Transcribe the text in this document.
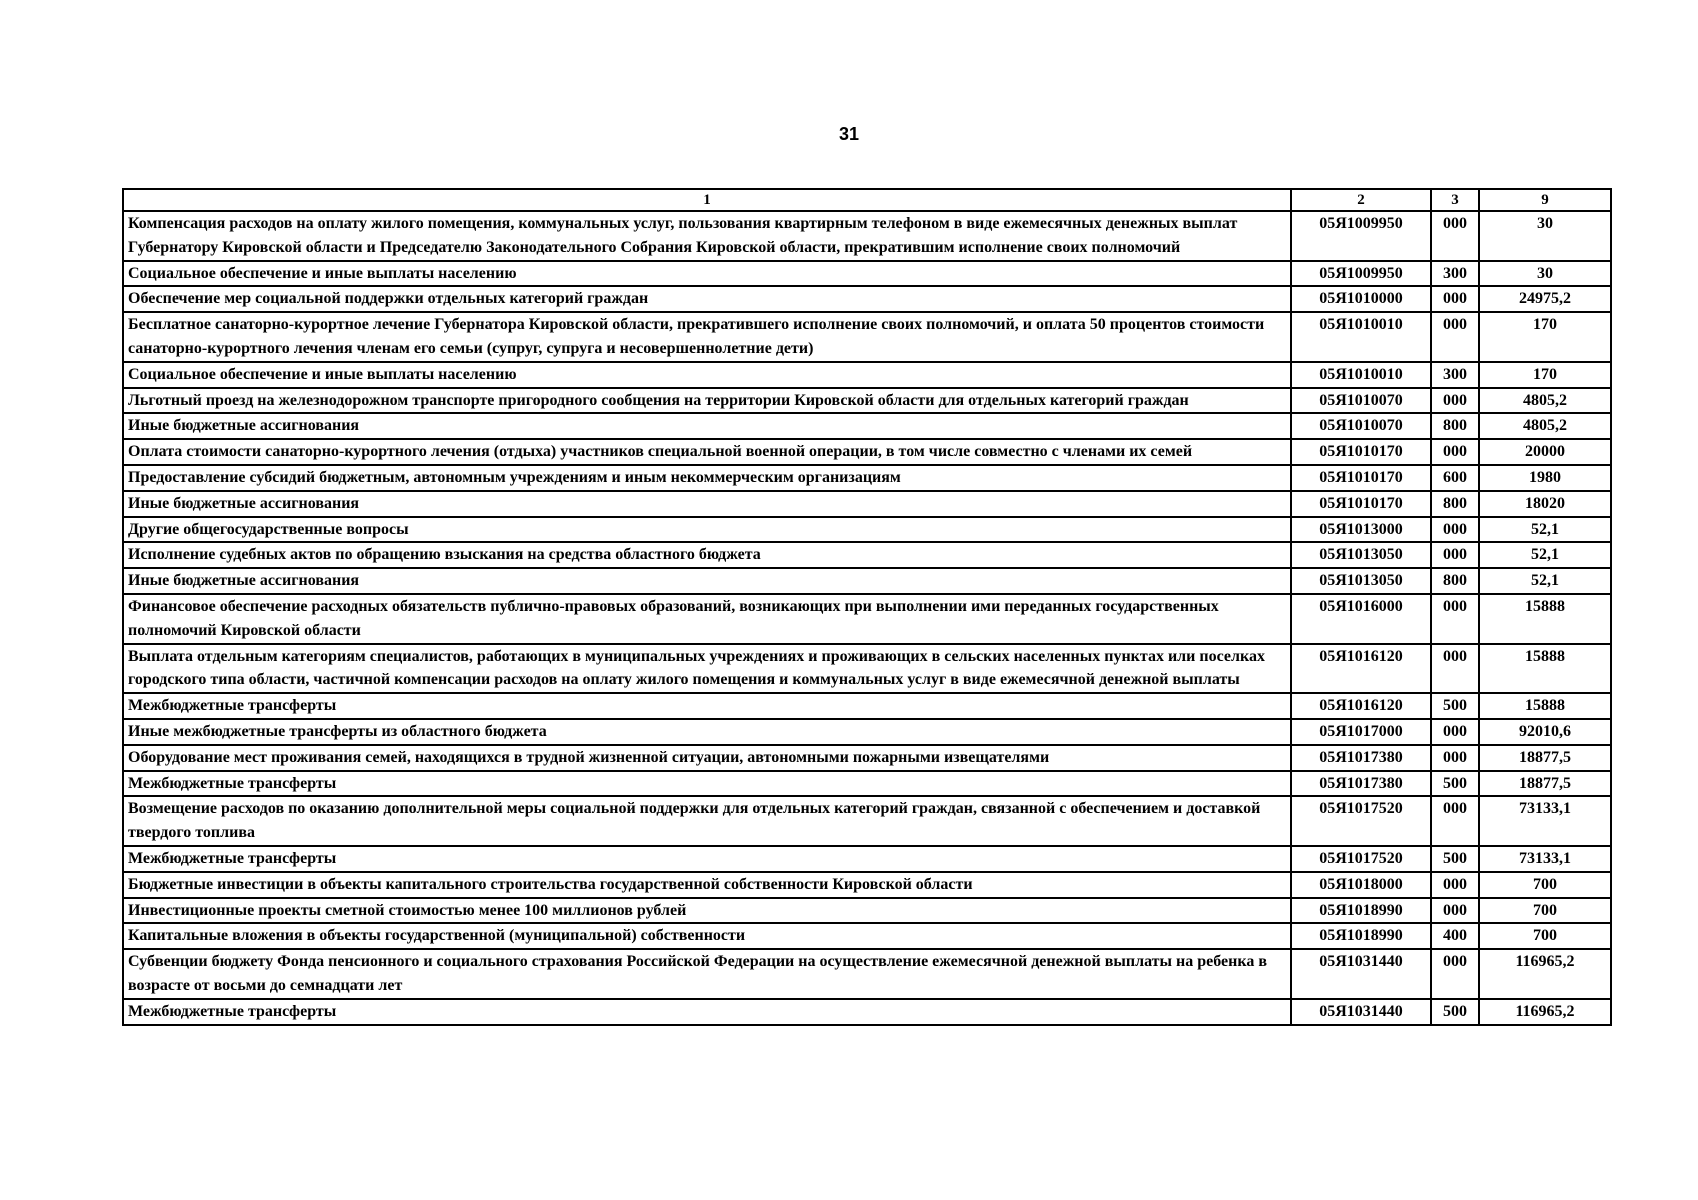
31
1	2	3	9
Компенсация расходов на оплату жилого помещения, коммунальных услуг, пользования квартирным телефоном в виде ежемесячных денежных выплат Губернатору Кировской области и Председателю Законодательного Собрания Кировской области, прекратившим исполнение своих полномочий	05Я1009950	000	30
Социальное обеспечение и иные выплаты населению	05Я1009950	300	30
Обеспечение мер социальной поддержки отдельных категорий граждан	05Я1010000	000	24975,2
Бесплатное санаторно-курортное лечение Губернатора Кировской области, прекратившего исполнение своих полномочий, и оплата 50 процентов стоимости санаторно-курортного лечения членам его семьи (супруг, супруга и несовершеннолетние дети)	05Я1010010	000	170
Социальное обеспечение и иные выплаты населению	05Я1010010	300	170
Льготный проезд на железнодорожном транспорте пригородного сообщения на территории Кировской области для отдельных категорий граждан	05Я1010070	000	4805,2
Иные бюджетные ассигнования	05Я1010070	800	4805,2
Оплата стоимости санаторно-курортного лечения (отдыха) участников специальной военной операции, в том числе совместно с членами их семей	05Я1010170	000	20000
Предоставление субсидий бюджетным, автономным учреждениям и иным некоммерческим организациям	05Я1010170	600	1980
Иные бюджетные ассигнования	05Я1010170	800	18020
Другие общегосударственные вопросы	05Я1013000	000	52,1
Исполнение судебных актов по обращению взыскания на средства областного бюджета	05Я1013050	000	52,1
Иные бюджетные ассигнования	05Я1013050	800	52,1
Финансовое обеспечение расходных обязательств публично-правовых образований, возникающих при выполнении ими переданных государственных полномочий Кировской области	05Я1016000	000	15888
Выплата отдельным категориям специалистов, работающих в муниципальных учреждениях и проживающих в сельских населенных пунктах или поселках городского типа области, частичной компенсации расходов на оплату жилого помещения и коммунальных услуг в виде ежемесячной денежной выплаты	05Я1016120	000	15888
Межбюджетные трансферты	05Я1016120	500	15888
Иные межбюджетные трансферты из областного бюджета	05Я1017000	000	92010,6
Оборудование мест проживания семей, находящихся в трудной жизненной ситуации, автономными пожарными извещателями	05Я1017380	000	18877,5
Межбюджетные трансферты	05Я1017380	500	18877,5
Возмещение расходов по оказанию дополнительной меры социальной поддержки для отдельных категорий граждан, связанной с обеспечением и доставкой твердого топлива	05Я1017520	000	73133,1
Межбюджетные трансферты	05Я1017520	500	73133,1
Бюджетные инвестиции в объекты капитального строительства государственной собственности Кировской области	05Я1018000	000	700
Инвестиционные проекты сметной стоимостью менее 100 миллионов рублей	05Я1018990	000	700
Капитальные вложения в объекты государственной (муниципальной) собственности	05Я1018990	400	700
Субвенции бюджету Фонда пенсионного и социального страхования Российской Федерации на осуществление ежемесячной денежной выплаты на ребенка в возрасте от восьми до семнадцати лет	05Я1031440	000	116965,2
Межбюджетные трансферты	05Я1031440	500	116965,2
